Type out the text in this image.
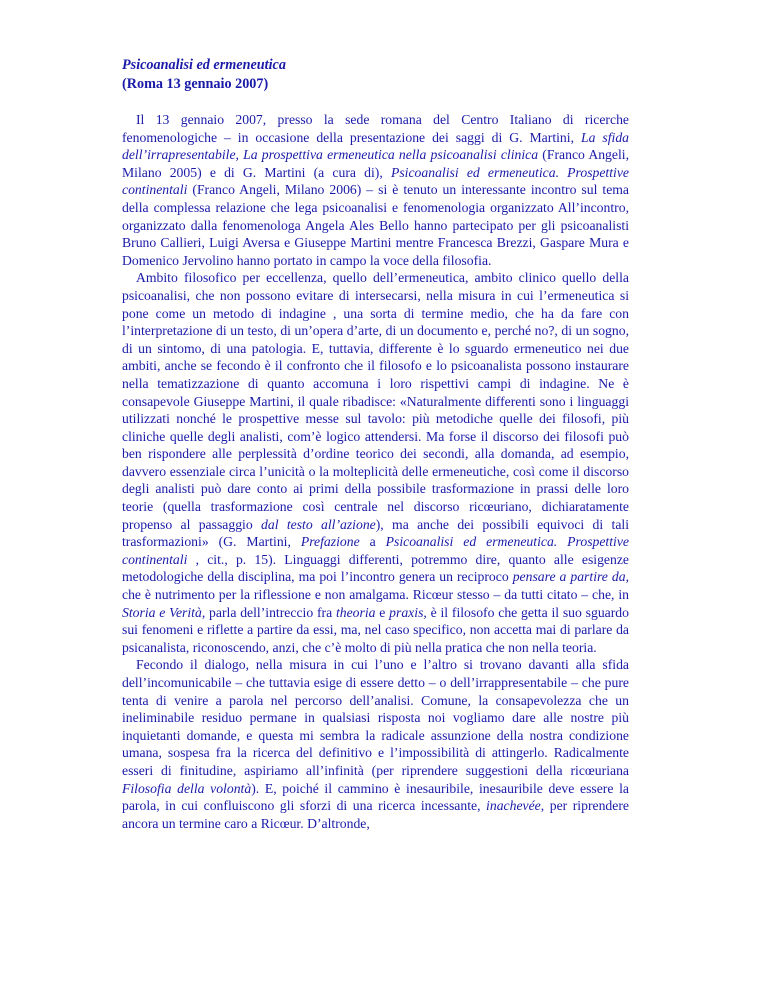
Psicoanalisi ed ermeneutica
(Roma 13 gennaio 2007)

Il 13 gennaio 2007, presso la sede romana del Centro Italiano di ricerche fenomenologiche – in occasione della presentazione dei saggi di G. Martini, La sfida dell’irrapresentabile, La prospettiva ermeneutica nella psicoanalisi clinica (Franco Angeli, Milano 2005) e di G. Martini (a cura di), Psicoanalisi ed ermeneutica. Prospettive continentali (Franco Angeli, Milano 2006) – si è tenuto un interessante incontro sul tema della complessa relazione che lega psicoanalisi e fenomenologia organizzato All’incontro, organizzato dalla fenomenologa Angela Ales Bello hanno partecipato per gli psicoanalisti Bruno Callieri, Luigi Aversa e Giuseppe Martini mentre Francesca Brezzi, Gaspare Mura e Domenico Jervolino hanno portato in campo la voce della filosofia.

Ambito filosofico per eccellenza, quello dell’ermeneutica, ambito clinico quello della psicoanalisi, che non possono evitare di intersecarsi, nella misura in cui l’ermeneutica si pone come un metodo di indagine , una sorta di termine medio, che ha da fare con l’interpretazione di un testo, di un’opera d’arte, di un documento e, perché no?, di un sogno, di un sintomo, di una patologia. E, tuttavia, differente è lo sguardo ermeneutico nei due ambiti, anche se fecondo è il confronto che il filosofo e lo psicoanalista possono instaurare nella tematizzazione di quanto accomuna i loro rispettivi campi di indagine. Ne è consapevole Giuseppe Martini, il quale ribadisce: «Naturalmente differenti sono i linguaggi utilizzati nonché le prospettive messe sul tavolo: più metodiche quelle dei filosofi, più cliniche quelle degli analisti, com’è logico attendersi. Ma forse il discorso dei filosofi può ben rispondere alle perplessità d’ordine teorico dei secondi, alla domanda, ad esempio, davvero essenziale circa l’unicità o la molteplicità delle ermeneutiche, così come il discorso degli analisti può dare conto ai primi della possibile trasformazione in prassi delle loro teorie (quella trasformazione così centrale nel discorso ricœuriano, dichiaratamente propenso al passaggio dal testo all’azione), ma anche dei possibili equivoci di tali trasformazioni» (G. Martini, Prefazione a Psicoanalisi ed ermeneutica. Prospettive continentali , cit., p. 15). Linguaggi differenti, potremmo dire, quanto alle esigenze metodologiche della disciplina, ma poi l’incontro genera un reciproco pensare a partire da, che è nutrimento per la riflessione e non amalgama. Ricœur stesso – da tutti citato – che, in Storia e Verità, parla dell’intreccio fra theoria e praxis, è il filosofo che getta il suo sguardo sui fenomeni e riflette a partire da essi, ma, nel caso specifico, non accetta mai di parlare da psicanalista, riconoscendo, anzi, che c’è molto di più nella pratica che non nella teoria.

Fecondo il dialogo, nella misura in cui l’uno e l’altro si trovano davanti alla sfida dell’incomunicabile – che tuttavia esige di essere detto – o dell’irrappresentabile – che pure tenta di venire a parola nel percorso dell’analisi. Comune, la consapevolezza che un ineliminabile residuo permane in qualsiasi risposta noi vogliamo dare alle nostre più inquietanti domande, e questa mi sembra la radicale assunzione della nostra condizione umana, sospesa fra la ricerca del definitivo e l’impossibilità di attingerlo. Radicalmente esseri di finitudine, aspiriamo all’infinità (per riprendere suggestioni della ricœuriana Filosofia della volontà). E, poiché il cammino è inesauribile, inesauribile deve essere la parola, in cui confluiscono gli sforzi di una ricerca incessante, inachevée, per riprendere ancora un termine caro a Ricœur. D’altronde,
